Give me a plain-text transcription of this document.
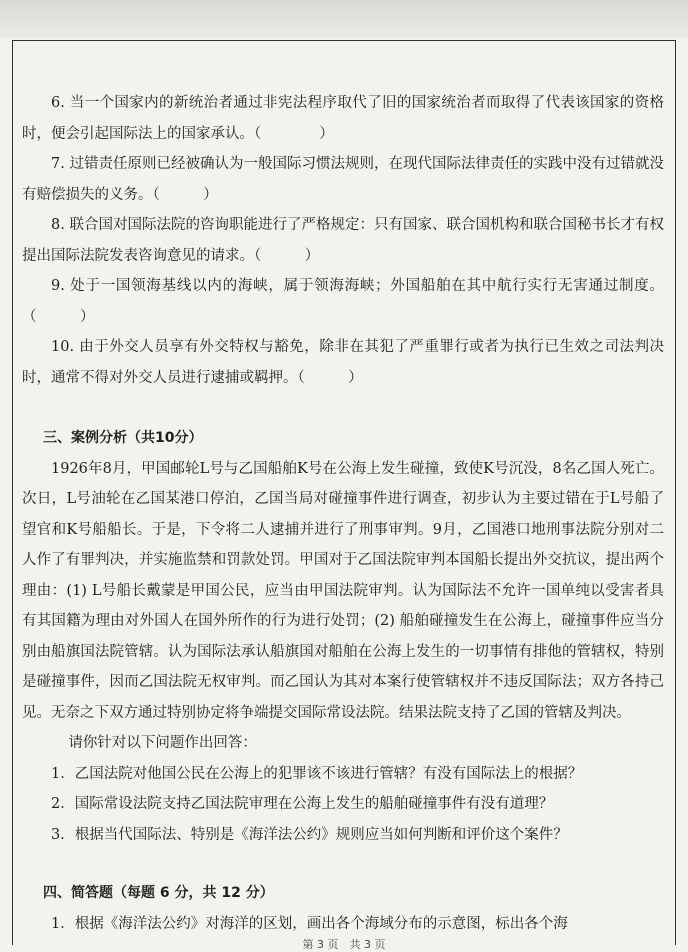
6. 当一个国家内的新统治者通过非宪法程序取代了旧的国家统治者而取得了代表该国家的资格时，便会引起国际法上的国家承认。（　　　　）

7. 过错责任原则已经被确认为一般国际习惯法规则，在现代国际法律责任的实践中没有过错就没有赔偿损失的义务。（　　　）

8. 联合国对国际法院的咨询职能进行了严格规定：只有国家、联合国机构和联合国秘书长才有权提出国际法院发表咨询意见的请求。（　　　）

9. 处于一国领海基线以内的海峡，属于领海海峡；外国船舶在其中航行实行无害通过制度。（　　　）

10. 由于外交人员享有外交特权与豁免，除非在其犯了严重罪行或者为执行已生效之司法判决时，通常不得对外交人员进行逮捕或羁押。（　　　）

三、案例分析（共10分）

1926年8月，甲国邮轮L号与乙国船舶K号在公海上发生碰撞，致使K号沉没，8名乙国人死亡。次日，L号油轮在乙国某港口停泊，乙国当局对碰撞事件进行调查，初步认为主要过错在于L号船了望官和K号船船长。于是，下令将二人逮捕并进行了刑事审判。9月，乙国港口地刑事法院分别对二人作了有罪判决，并实施监禁和罚款处罚。甲国对于乙国法院审判本国船长提出外交抗议，提出两个理由：(1) L号船长戴蒙是甲国公民，应当由甲国法院审判。认为国际法不允许一国单纯以受害者具有其国籍为理由对外国人在国外所作的行为进行处罚；(2) 船舶碰撞发生在公海上，碰撞事件应当分别由船旗国法院管辖。认为国际法承认船旗国对船舶在公海上发生的一切事情有排他的管辖权，特别是碰撞事件，因而乙国法院无权审判。而乙国认为其对本案行使管辖权并不违反国际法；双方各持己见。无奈之下双方通过特别协定将争端提交国际常设法院。结果法院支持了乙国的管辖及判决。

请你针对以下问题作出回答：

1．乙国法院对他国公民在公海上的犯罪该不该进行管辖？有没有国际法上的根据？

2．国际常设法院支持乙国法院审理在公海上发生的船舶碰撞事件有没有道理？

3．根据当代国际法、特别是《海洋法公约》规则应当如何判断和评价这个案件？

四、简答题（每题 6 分，共 12 分）

1．根据《海洋法公约》对海洋的区划，画出各个海域分布的示意图，标出各个海

第 3 页　共 3 页
